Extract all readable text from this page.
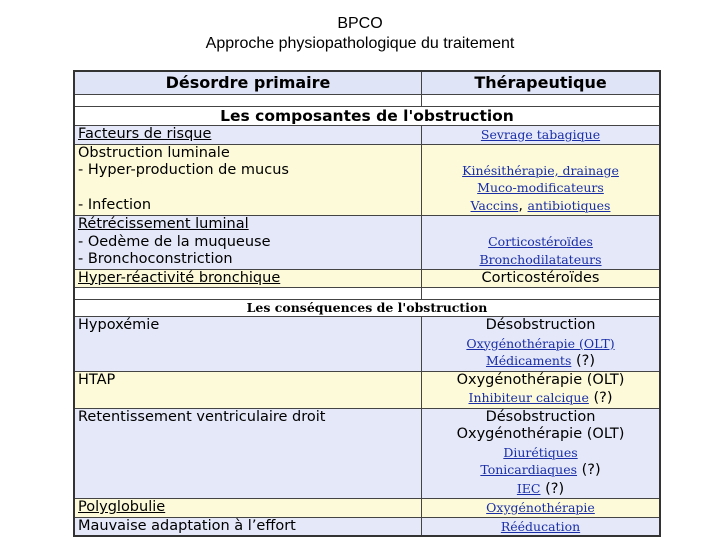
BPCO
Approche physiopathologique du traitement
Désordre primaire	Thérapeutique

Les composantes de l'obstruction	

Facteurs de risque	Sevrage tabagique

Obstruction luminale
- Hyper-production de mucus
- Infection	Kinésithérapie, drainage
Muco-modificateurs
Vaccins, antibiotiques

Rétrécissement luminal
- Oedème de la muqueuse
- Bronchoconstriction	Corticostéroïdes
Bronchodilatateurs

Hyper-réactivité bronchique	Corticostéroïdes

Les conséquences de l'obstruction	

Hypoxémie	Désobstruction
Oxygénothérapie (OLT)
Médicaments (?)

HTAP	Oxygénothérapie (OLT)
Inhibiteur calcique (?)

Retentissement ventriculaire droit	Désobstruction
Oxygénothérapie (OLT)
Diurétiques
Tonicardiaques (?)
IEC (?)

Polyglobulie	Oxygénothérapie

Mauvaise adaptation à l’effort	Rééducation
